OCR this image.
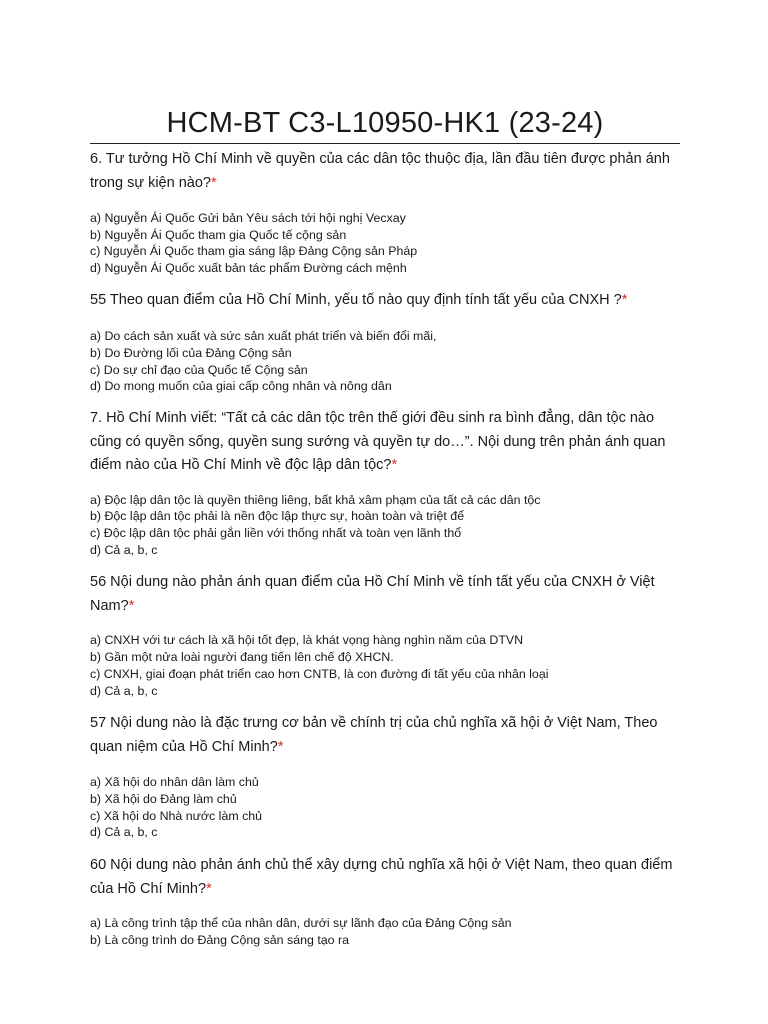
HCM-BT C3-L10950-HK1 (23-24)

6. Tư tưởng Hồ Chí Minh về quyền của các dân tộc thuộc địa, lần đầu tiên được phản ánh trong sự kiện nào?*

a) Nguyễn Ái Quốc Gửi bản Yêu sách tới hội nghị Vecxay
b) Nguyễn Ái Quốc tham gia Quốc tế cộng sản
c) Nguyễn Ái Quốc tham gia sáng lập Đảng Cộng sản Pháp
d) Nguyễn Ái Quốc xuất bản tác phẩm Đường cách mệnh

55 Theo quan điểm của Hồ Chí Minh, yếu tố nào quy định tính tất yếu của CNXH ?*

a) Do cách sản xuất và sức sản xuất phát triển và biến đổi mãi,
b) Do Đường lối của Đảng Cộng sản
c) Do sự chỉ đạo của Quốc tế Cộng sản
d) Do mong muốn của giai cấp công nhân và nông dân

7. Hồ Chí Minh viết: “Tất cả các dân tộc trên thế giới đều sinh ra bình đẳng, dân tộc nào cũng có quyền sống, quyền sung sướng và quyền tự do…”. Nội dung trên phản ánh quan điểm nào của Hồ Chí Minh về độc lập dân tộc?*

a) Độc lập dân tộc là quyền thiêng liêng, bất khả xâm phạm của tất cả các dân tộc
b) Độc lập dân tộc phải là nền độc lập thực sự, hoàn toàn và triệt để
c) Độc lập dân tộc phải gắn liền với thống nhất và toàn vẹn lãnh thổ
d) Cả a, b, c

56 Nội dung nào phản ánh quan điểm của Hồ Chí Minh về tính tất yếu của CNXH ở Việt Nam?*

a) CNXH với tư cách là xã hội tốt đẹp, là khát vọng hàng nghìn năm của DTVN
b) Gần một nửa loài người đang tiến lên chế độ XHCN.
c) CNXH, giai đoạn phát triển cao hơn CNTB, là con đường đi tất yếu của nhân loại
d) Cả a, b, c

57 Nội dung nào là đặc trưng cơ bản về chính trị của chủ nghĩa xã hội ở Việt Nam, Theo quan niệm của Hồ Chí Minh?*

a) Xã hội do nhân dân làm chủ
b) Xã hội do Đảng làm chủ
c) Xã hội do Nhà nước làm chủ
d) Cả a, b, c

60 Nội dung nào phản ánh chủ thể xây dựng chủ nghĩa xã hội ở Việt Nam, theo quan điểm của Hồ Chí Minh?*

a) Là công trình tập thể của nhân dân, dưới sự lãnh đạo của Đảng Cộng sản
b) Là công trình do Đảng Cộng sản sáng tạo ra
